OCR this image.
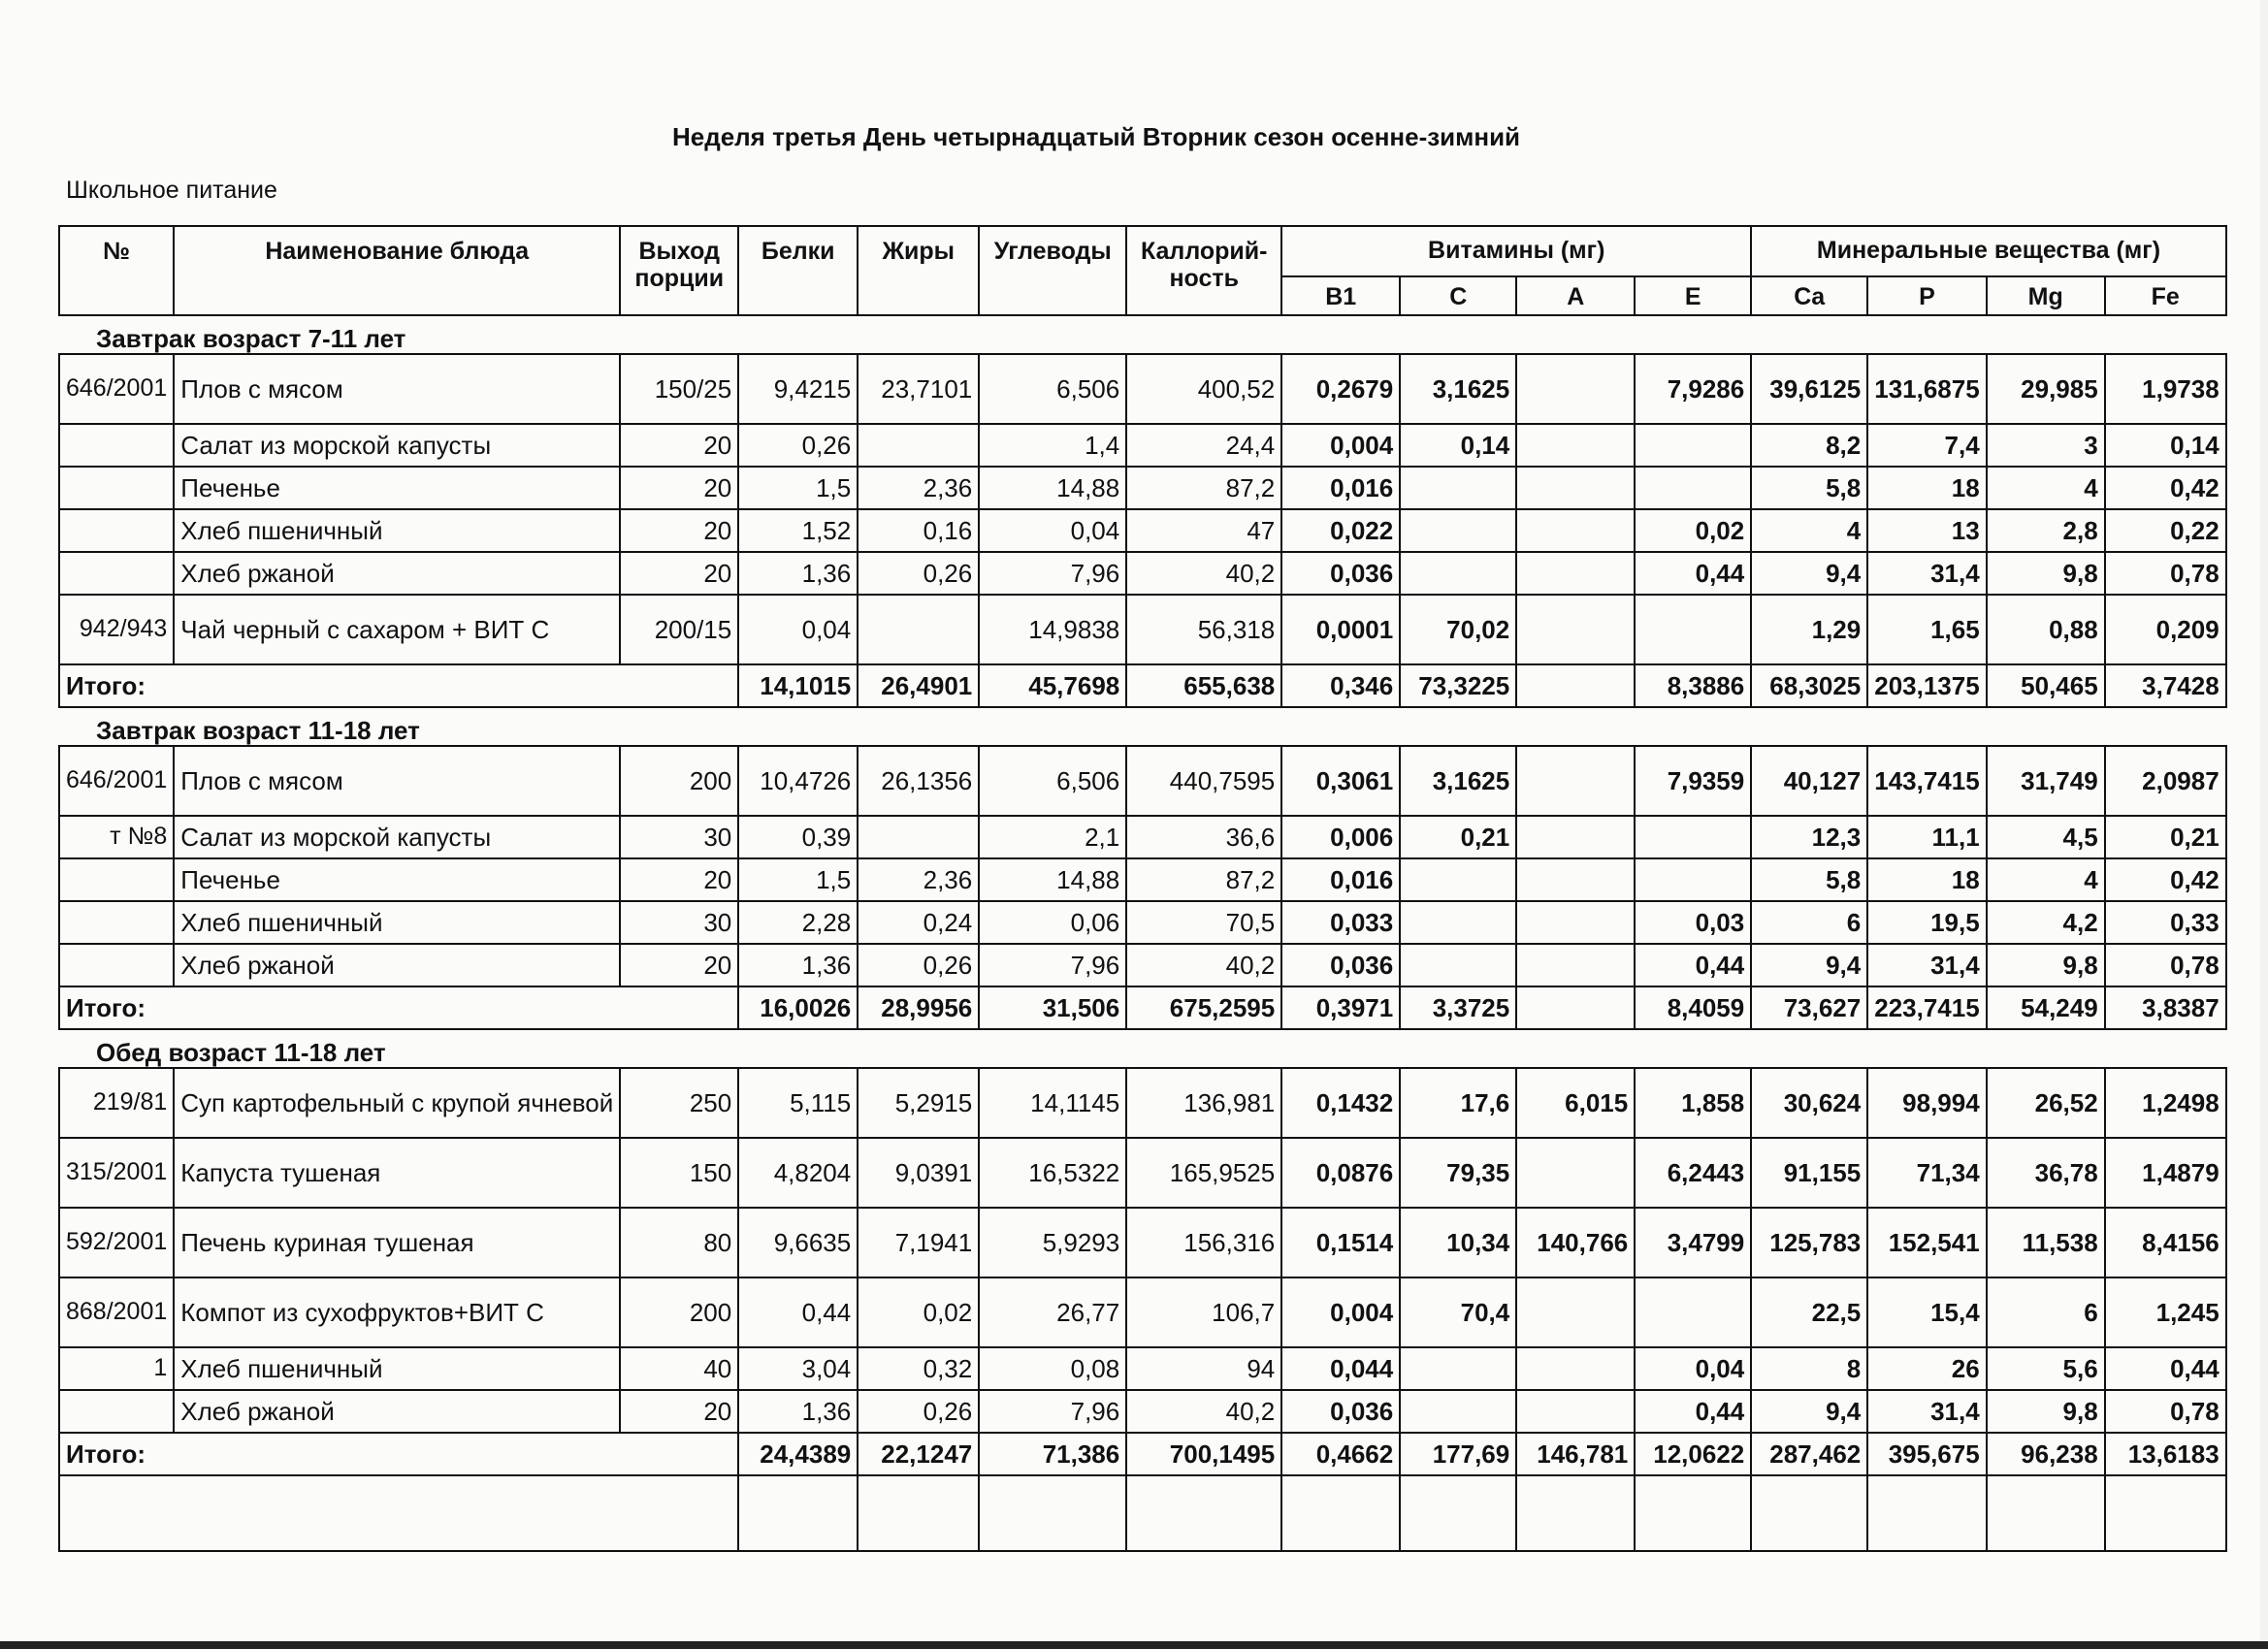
Неделя третья День четырнадцатый Вторник сезон осенне-зимний
Школьное питание
№	Наименование блюда	Выход порции	Белки	Жиры	Углеводы	Каллорий-ность	Витамины (мг)				Минеральные вещества (мг)			
							B1	C	A	E	Ca	P	Mg	Fe
Завтрак возраст 7-11 лет														
646/2001	Плов с мясом	150/25	9,4215	23,7101	6,506	400,52	0,2679	3,1625		7,9286	39,6125	131,6875	29,985	1,9738
	Салат из морской капусты	20	0,26		1,4	24,4	0,004	0,14			8,2	7,4	3	0,14
	Печенье	20	1,5	2,36	14,88	87,2	0,016				5,8	18	4	0,42
	Хлеб пшеничный	20	1,52	0,16	0,04	47	0,022			0,02	4	13	2,8	0,22
	Хлеб ржаной	20	1,36	0,26	7,96	40,2	0,036			0,44	9,4	31,4	9,8	0,78
942/943	Чай черный с сахаром + ВИТ С	200/15	0,04		14,9838	56,318	0,0001	70,02			1,29	1,65	0,88	0,209
Итого:			14,1015	26,4901	45,7698	655,638	0,346	73,3225		8,3886	68,3025	203,1375	50,465	3,7428
Завтрак возраст 11-18 лет														
646/2001	Плов с мясом	200	10,4726	26,1356	6,506	440,7595	0,3061	3,1625		7,9359	40,127	143,7415	31,749	2,0987
т №8	Салат из морской капусты	30	0,39		2,1	36,6	0,006	0,21			12,3	11,1	4,5	0,21
	Печенье	20	1,5	2,36	14,88	87,2	0,016				5,8	18	4	0,42
	Хлеб пшеничный	30	2,28	0,24	0,06	70,5	0,033			0,03	6	19,5	4,2	0,33
	Хлеб ржаной	20	1,36	0,26	7,96	40,2	0,036			0,44	9,4	31,4	9,8	0,78
Итого:			16,0026	28,9956	31,506	675,2595	0,3971	3,3725		8,4059	73,627	223,7415	54,249	3,8387
Обед возраст 11-18 лет														
219/81	Суп картофельный с крупой ячневой	250	5,115	5,2915	14,1145	136,981	0,1432	17,6	6,015	1,858	30,624	98,994	26,52	1,2498
315/2001	Капуста тушеная	150	4,8204	9,0391	16,5322	165,9525	0,0876	79,35		6,2443	91,155	71,34	36,78	1,4879
592/2001	Печень куриная тушеная	80	9,6635	7,1941	5,9293	156,316	0,1514	10,34	140,766	3,4799	125,783	152,541	11,538	8,4156
868/2001	Компот из сухофруктов+ВИТ С	200	0,44	0,02	26,77	106,7	0,004	70,4			22,5	15,4	6	1,245
1	Хлеб пшеничный	40	3,04	0,32	0,08	94	0,044			0,04	8	26	5,6	0,44
	Хлеб ржаной	20	1,36	0,26	7,96	40,2	0,036			0,44	9,4	31,4	9,8	0,78
Итого:			24,4389	22,1247	71,386	700,1495	0,4662	177,69	146,781	12,0622	287,462	395,675	96,238	13,6183
